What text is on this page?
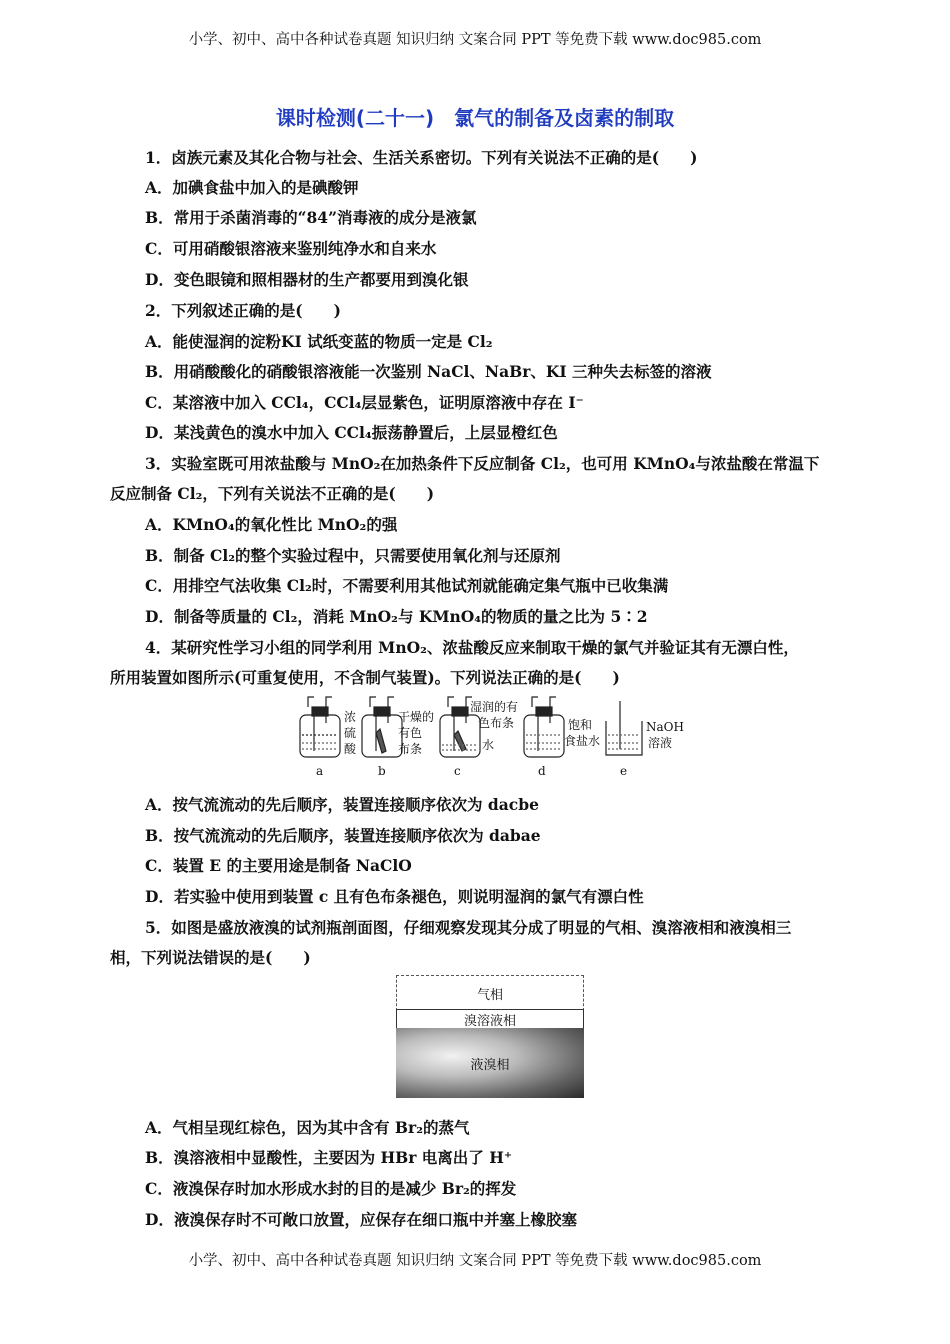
小学、初中、高中各种试卷真题 知识归纳 文案合同 PPT 等免费下载 www.doc985.com
课时检测(二十一)　氯气的制备及卤素的制取
1．卤族元素及其化合物与社会、生活关系密切。下列有关说法不正确的是(　　)
A．加碘食盐中加入的是碘酸钾
B．常用于杀菌消毒的“84”消毒液的成分是液氯
C．可用硝酸银溶液来鉴别纯净水和自来水
D．变色眼镜和照相器材的生产都要用到溴化银
2．下列叙述正确的是(　　)
A．能使湿润的淀粉KI 试纸变蓝的物质一定是 Cl₂
B．用硝酸酸化的硝酸银溶液能一次鉴别 NaCl、NaBr、KI 三种失去标签的溶液
C．某溶液中加入 CCl₄，CCl₄层显紫色，证明原溶液中存在 I⁻
D．某浅黄色的溴水中加入 CCl₄振荡静置后，上层显橙红色
3．实验室既可用浓盐酸与 MnO₂在加热条件下反应制备 Cl₂，也可用 KMnO₄与浓盐酸在常温下
反应制备 Cl₂，下列有关说法不正确的是(　　)
A．KMnO₄的氧化性比 MnO₂的强
B．制备 Cl₂的整个实验过程中，只需要使用氧化剂与还原剂
C．用排空气法收集 Cl₂时，不需要利用其他试剂就能确定集气瓶中已收集满
D．制备等质量的 Cl₂，消耗 MnO₂与 KMnO₄的物质的量之比为 5∶2
4．某研究性学习小组的同学利用 MnO₂、浓盐酸反应来制取干燥的氯气并验证其有无漂白性，
所用装置如图所示(可重复使用，不含制气装置)。下列说法正确的是(　　)
浓
硫
酸
干燥的
有色
布条
湿润的有
色布条
水
饱和
食盐水
NaOH
溶液
a	b	c	d	e
A．按气流流动的先后顺序，装置连接顺序依次为 dacbe
B．按气流流动的先后顺序，装置连接顺序依次为 dabae
C．装置 E 的主要用途是制备 NaClO
D．若实验中使用到装置 c 且有色布条褪色，则说明湿润的氯气有漂白性
5．如图是盛放液溴的试剂瓶剖面图，仔细观察发现其分成了明显的气相、溴溶液相和液溴相三
相，下列说法错误的是(　　)
气相
溴溶液相
液溴相
A．气相呈现红棕色，因为其中含有 Br₂的蒸气
B．溴溶液相中显酸性，主要因为 HBr 电离出了 H⁺
C．液溴保存时加水形成水封的目的是减少 Br₂的挥发
D．液溴保存时不可敞口放置，应保存在细口瓶中并塞上橡胶塞
小学、初中、高中各种试卷真题 知识归纳 文案合同 PPT 等免费下载 www.doc985.com
